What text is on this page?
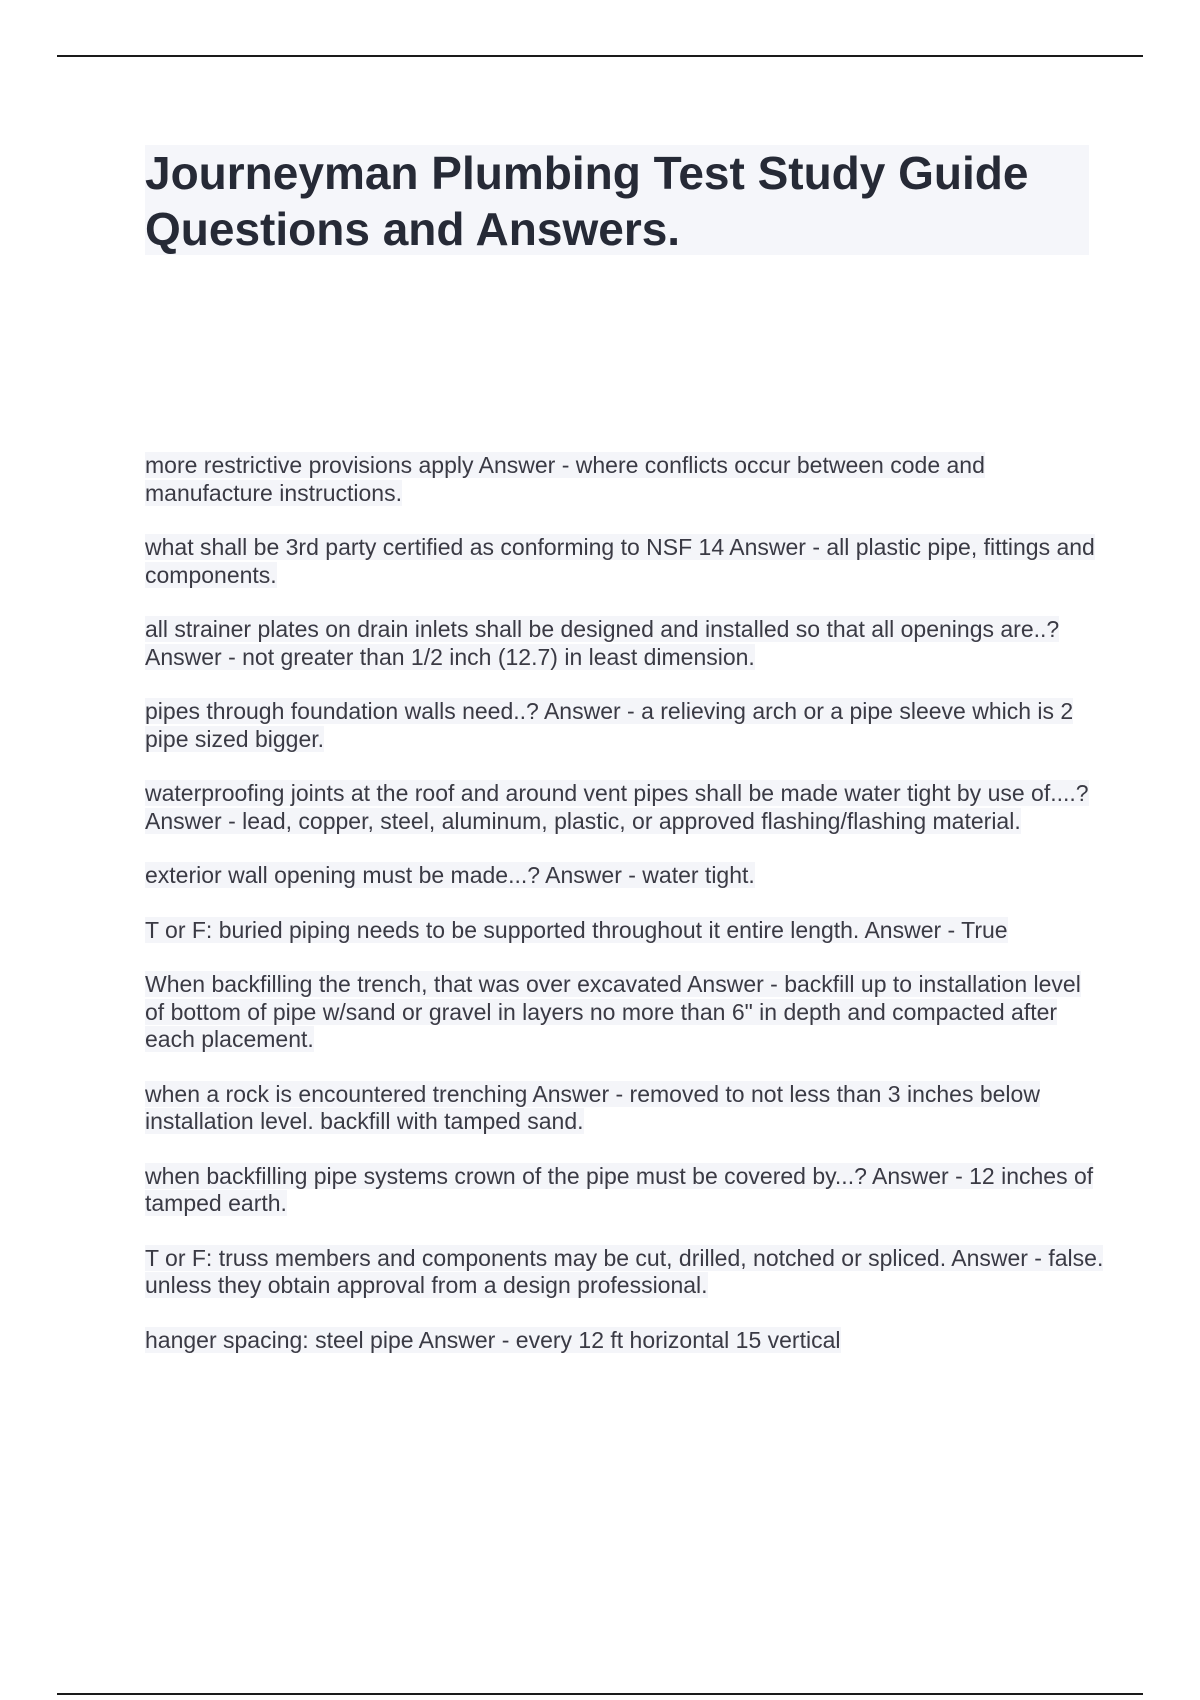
Journeyman Plumbing Test Study Guide Questions and Answers.

more restrictive provisions apply Answer - where conflicts occur between code and manufacture instructions.

what shall be 3rd party certified as conforming to NSF 14 Answer - all plastic pipe, fittings and components.

all strainer plates on drain inlets shall be designed and installed so that all openings are..? Answer - not greater than 1/2 inch (12.7) in least dimension.

pipes through foundation walls need..? Answer - a relieving arch or a pipe sleeve which is 2 pipe sized bigger.

waterproofing joints at the roof and around vent pipes shall be made water tight by use of....? Answer - lead, copper, steel, aluminum, plastic, or approved flashing/flashing material.

exterior wall opening must be made...? Answer - water tight.

T or F: buried piping needs to be supported throughout it entire length. Answer - True

When backfilling the trench, that was over excavated Answer - backfill up to installation level of bottom of pipe w/sand or gravel in layers no more than 6" in depth and compacted after each placement.

when a rock is encountered trenching Answer - removed to not less than 3 inches below installation level. backfill with tamped sand.

when backfilling pipe systems crown of the pipe must be covered by...? Answer - 12 inches of tamped earth.

T or F: truss members and components may be cut, drilled, notched or spliced. Answer - false. unless they obtain approval from a design professional.

hanger spacing: steel pipe Answer - every 12 ft horizontal 15 vertical
